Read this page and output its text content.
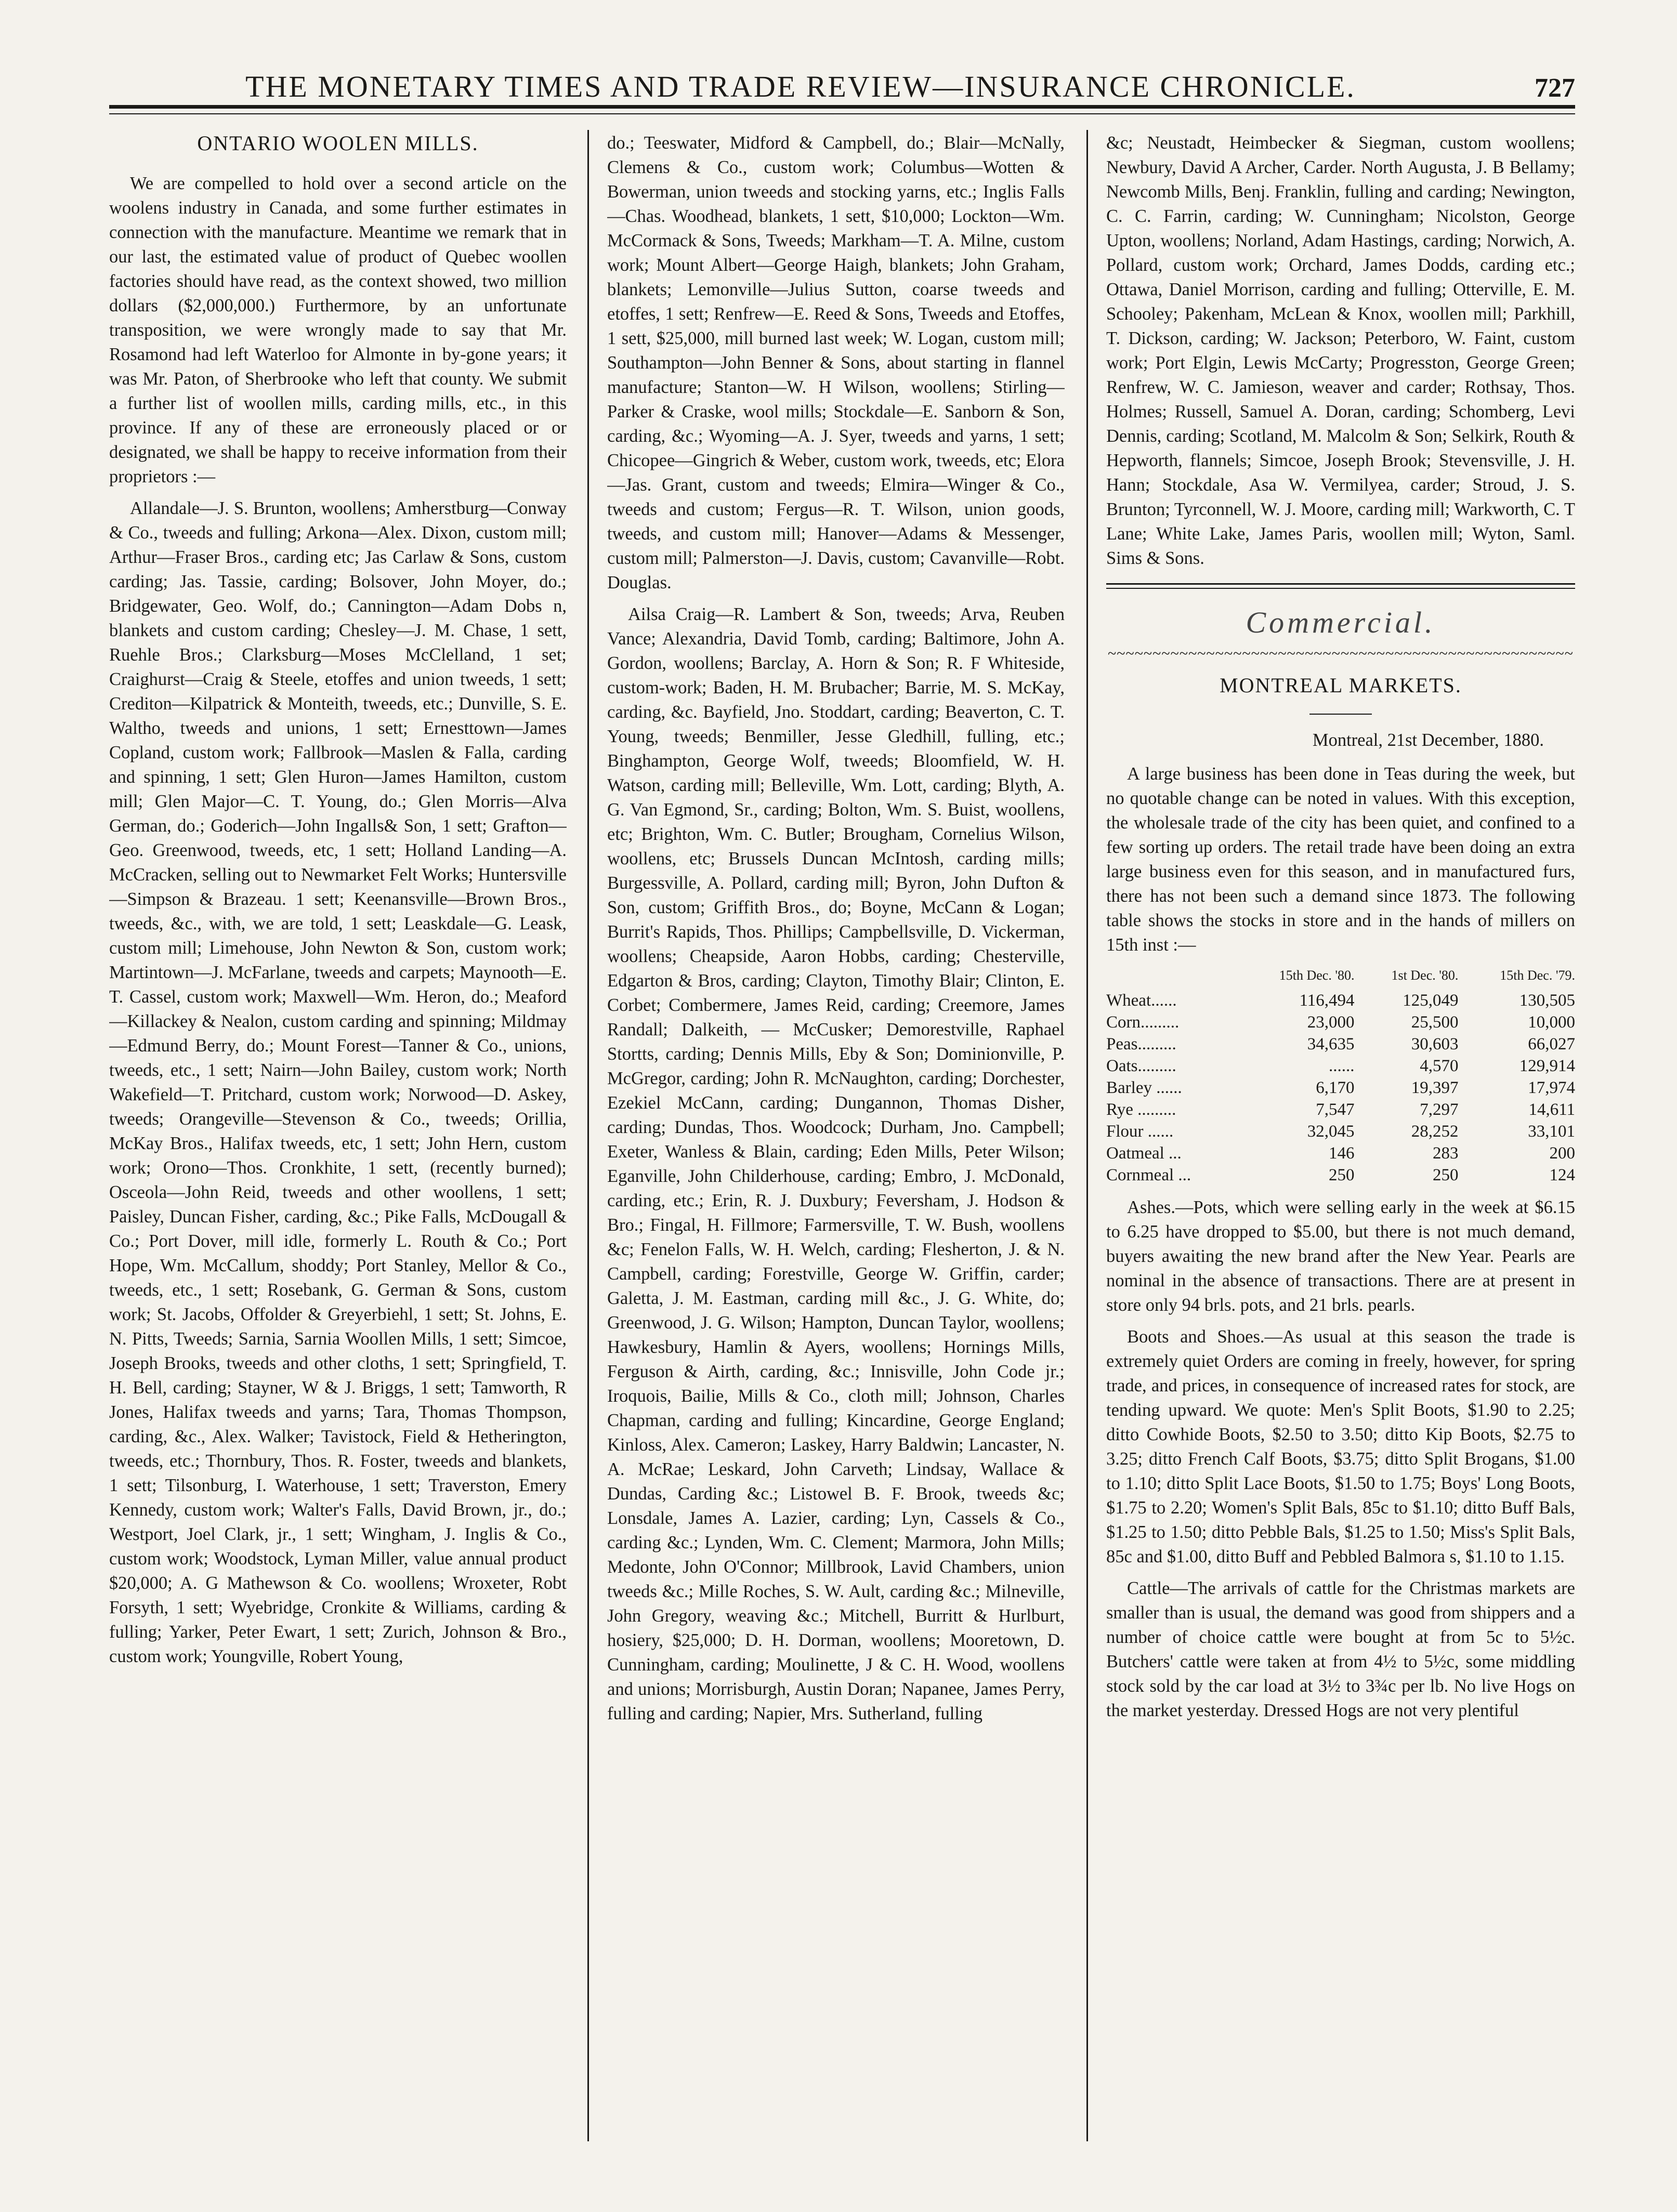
THE MONETARY TIMES AND TRADE REVIEW—INSURANCE CHRONICLE.	727
ONTARIO WOOLEN MILLS.

We are compelled to hold over a second article on the woolens industry in Canada, and some further estimates in connection with the manufacture. Meantime we remark that in our last, the estimated value of product of Quebec woollen factories should have read, as the context showed, two million dollars ($2,000,000.) Furthermore, by an unfortunate transposition, we were wrongly made to say that Mr. Rosamond had left Waterloo for Almonte in by-gone years; it was Mr. Paton, of Sherbrooke who left that county. We submit a further list of woollen mills, carding mills, etc., in this province. If any of these are erroneously placed or or designated, we shall be happy to receive information from their proprietors :—

Allandale—J. S. Brunton, woollens; Amherstburg—Conway & Co., tweeds and fulling; Arkona—Alex. Dixon, custom mill; Arthur—Fraser Bros., carding etc; Jas Carlaw & Sons, custom carding; Jas. Tassie, carding; Bolsover, John Moyer, do.; Bridgewater, Geo. Wolf, do.; Cannington—Adam Dobs n, blankets and custom carding; Chesley—J. M. Chase, 1 sett, Ruehle Bros.; Clarksburg—Moses McClelland, 1 set; Craighurst—Craig & Steele, etoffes and union tweeds, 1 sett; Crediton—Kilpatrick & Monteith, tweeds, etc.; Dunville, S. E. Waltho, tweeds and unions, 1 sett; Ernesttown—James Copland, custom work; Fallbrook—Maslen & Falla, carding and spinning, 1 sett; Glen Huron—James Hamilton, custom mill; Glen Major—C. T. Young, do.; Glen Morris—Alva German, do.; Goderich—John Ingalls& Son, 1 sett; Grafton—Geo. Greenwood, tweeds, etc, 1 sett; Holland Landing—A. McCracken, selling out to Newmarket Felt Works; Huntersville—Simpson & Brazeau. 1 sett; Keenansville—Brown Bros., tweeds, &c., with, we are told, 1 sett; Leaskdale—G. Leask, custom mill; Limehouse, John Newton & Son, custom work; Martintown—J. McFarlane, tweeds and carpets; Maynooth—E. T. Cassel, custom work; Maxwell—Wm. Heron, do.; Meaford—Killackey & Nealon, custom carding and spinning; Mildmay—Edmund Berry, do.; Mount Forest—Tanner & Co., unions, tweeds, etc., 1 sett; Nairn—John Bailey, custom work; North Wakefield—T. Pritchard, custom work; Norwood—D. Askey, tweeds; Orangeville—Stevenson & Co., tweeds; Orillia, McKay Bros., Halifax tweeds, etc, 1 sett; John Hern, custom work; Orono—Thos. Cronkhite, 1 sett, (recently burned); Osceola—John Reid, tweeds and other woollens, 1 sett; Paisley, Duncan Fisher, carding, &c.; Pike Falls, McDougall & Co.; Port Dover, mill idle, formerly L. Routh & Co.; Port Hope, Wm. McCallum, shoddy; Port Stanley, Mellor & Co., tweeds, etc., 1 sett; Rosebank, G. German & Sons, custom work; St. Jacobs, Offolder & Greyerbiehl, 1 sett; St. Johns, E. N. Pitts, Tweeds; Sarnia, Sarnia Woollen Mills, 1 sett; Simcoe, Joseph Brooks, tweeds and other cloths, 1 sett; Springfield, T. H. Bell, carding; Stayner, W & J. Briggs, 1 sett; Tamworth, R Jones, Halifax tweeds and yarns; Tara, Thomas Thompson, carding, &c., Alex. Walker; Tavistock, Field & Hetherington, tweeds, etc.; Thornbury, Thos. R. Foster, tweeds and blankets, 1 sett; Tilsonburg, I. Waterhouse, 1 sett; Traverston, Emery Kennedy, custom work; Walter's Falls, David Brown, jr., do.; Westport, Joel Clark, jr., 1 sett; Wingham, J. Inglis & Co., custom work; Woodstock, Lyman Miller, value annual product $20,000; A. G Mathewson & Co. woollens; Wroxeter, Robt Forsyth, 1 sett; Wyebridge, Cronkite & Williams, carding & fulling; Yarker, Peter Ewart, 1 sett; Zurich, Johnson & Bro., custom work; Youngville, Robert Young,

do.; Teeswater, Midford & Campbell, do.; Blair—McNally, Clemens & Co., custom work; Columbus—Wotten & Bowerman, union tweeds and stocking yarns, etc.; Inglis Falls—Chas. Woodhead, blankets, 1 sett, $10,000; Lockton—Wm. McCormack & Sons, Tweeds; Markham—T. A. Milne, custom work; Mount Albert—George Haigh, blankets; John Graham, blankets; Lemonville—Julius Sutton, coarse tweeds and etoffes, 1 sett; Renfrew—E. Reed & Sons, Tweeds and Etoffes, 1 sett, $25,000, mill burned last week; W. Logan, custom mill; Southampton—John Benner & Sons, about starting in flannel manufacture; Stanton—W. H Wilson, woollens; Stirling—Parker & Craske, wool mills; Stockdale—E. Sanborn & Son, carding, &c.; Wyoming—A. J. Syer, tweeds and yarns, 1 sett; Chicopee—Gingrich & Weber, custom work, tweeds, etc; Elora—Jas. Grant, custom and tweeds; Elmira—Winger & Co., tweeds and custom; Fergus—R. T. Wilson, union goods, tweeds, and custom mill; Hanover—Adams & Messenger, custom mill; Palmerston—J. Davis, custom; Cavanville—Robt. Douglas.

Ailsa Craig—R. Lambert & Son, tweeds; Arva, Reuben Vance; Alexandria, David Tomb, carding; Baltimore, John A. Gordon, woollens; Barclay, A. Horn & Son; R. F Whiteside, custom-work; Baden, H. M. Brubacher; Barrie, M. S. McKay, carding, &c. Bayfield, Jno. Stoddart, carding; Beaverton, C. T. Young, tweeds; Benmiller, Jesse Gledhill, fulling, etc.; Binghampton, George Wolf, tweeds; Bloomfield, W. H. Watson, carding mill; Belleville, Wm. Lott, carding; Blyth, A. G. Van Egmond, Sr., carding; Bolton, Wm. S. Buist, woollens, etc; Brighton, Wm. C. Butler; Brougham, Cornelius Wilson, woollens, etc; Brussels Duncan McIntosh, carding mills; Burgessville, A. Pollard, carding mill; Byron, John Dufton & Son, custom; Griffith Bros., do; Boyne, McCann & Logan; Burrit's Rapids, Thos. Phillips; Campbellsville, D. Vickerman, woollens; Cheapside, Aaron Hobbs, carding; Chesterville, Edgarton & Bros, carding; Clayton, Timothy Blair; Clinton, E. Corbet; Combermere, James Reid, carding; Creemore, James Randall; Dalkeith, — McCusker; Demorestville, Raphael Stortts, carding; Dennis Mills, Eby & Son; Dominionville, P. McGregor, carding; John R. McNaughton, carding; Dorchester, Ezekiel McCann, carding; Dungannon, Thomas Disher, carding; Dundas, Thos. Woodcock; Durham, Jno. Campbell; Exeter, Wanless & Blain, carding; Eden Mills, Peter Wilson; Eganville, John Childerhouse, carding; Embro, J. McDonald, carding, etc.; Erin, R. J. Duxbury; Feversham, J. Hodson & Bro.; Fingal, H. Fillmore; Farmersville, T. W. Bush, woollens &c; Fenelon Falls, W. H. Welch, carding; Flesherton, J. & N. Campbell, carding; Forestville, George W. Griffin, carder; Galetta, J. M. Eastman, carding mill &c., J. G. White, do; Greenwood, J. G. Wilson; Hampton, Duncan Taylor, woollens; Hawkesbury, Hamlin & Ayers, woollens; Hornings Mills, Ferguson & Airth, carding, &c.; Innisville, John Code jr.; Iroquois, Bailie, Mills & Co., cloth mill; Johnson, Charles Chapman, carding and fulling; Kincardine, George England; Kinloss, Alex. Cameron; Laskey, Harry Baldwin; Lancaster, N. A. McRae; Leskard, John Carveth; Lindsay, Wallace & Dundas, Carding &c.; Listowel B. F. Brook, tweeds &c; Lonsdale, James A. Lazier, carding; Lyn, Cassels & Co., carding &c.; Lynden, Wm. C. Clement; Marmora, John Mills; Medonte, John O'Connor; Millbrook, Lavid Chambers, union tweeds &c.; Mille Roches, S. W. Ault, carding &c.; Milneville, John Gregory, weaving &c.; Mitchell, Burritt & Hurlburt, hosiery, $25,000; D. H. Dorman, woollens; Mooretown, D. Cunningham, carding; Moulinette, J & C. H. Wood, woollens and unions; Morrisburgh, Austin Doran; Napanee, James Perry, fulling and carding; Napier, Mrs. Sutherland, fulling

&c; Neustadt, Heimbecker & Siegman, custom woollens; Newbury, David A Archer, Carder. North Augusta, J. B Bellamy; Newcomb Mills, Benj. Franklin, fulling and carding; Newington, C. C. Farrin, carding; W. Cunningham; Nicolston, George Upton, woollens; Norland, Adam Hastings, carding; Norwich, A. Pollard, custom work; Orchard, James Dodds, carding etc.; Ottawa, Daniel Morrison, carding and fulling; Otterville, E. M. Schooley; Pakenham, McLean & Knox, woollen mill; Parkhill, T. Dickson, carding; W. Jackson; Peterboro, W. Faint, custom work; Port Elgin, Lewis McCarty; Progresston, George Green; Renfrew, W. C. Jamieson, weaver and carder; Rothsay, Thos. Holmes; Russell, Samuel A. Doran, carding; Schomberg, Levi Dennis, carding; Scotland, M. Malcolm & Son; Selkirk, Routh & Hepworth, flannels; Simcoe, Joseph Brook; Stevensville, J. H. Hann; Stockdale, Asa W. Vermilyea, carder; Stroud, J. S. Brunton; Tyrconnell, W. J. Moore, carding mill; Warkworth, C. T Lane; White Lake, James Paris, woollen mill; Wyton, Saml. Sims & Sons.

Commercial.
~~~~~~~~~~~~~~~~~~~~~~~~~~~~~~~~~~~~~~~~~~~~~~~~~~~~
MONTREAL MARKETS.
Montreal, 21st December, 1880.

A large business has been done in Teas during the week, but no quotable change can be noted in values. With this exception, the wholesale trade of the city has been quiet, and confined to a few sorting up orders. The retail trade have been doing an extra large business even for this season, and in manufactured furs, there has not been such a demand since 1873. The following table shows the stocks in store and in the hands of millers on 15th inst :—

	15th Dec. '80.	1st Dec. '80.	15th Dec. '79.
Wheat......	116,494	125,049	130,505
Corn.........	23,000	25,500	10,000
Peas.........	34,635	30,603	66,027
Oats.........	......	4,570	129,914
Barley ......	6,170	19,397	17,974
Rye .........	7,547	7,297	14,611
Flour ......	32,045	28,252	33,101
Oatmeal ...	146	283	200
Cornmeal ...	250	250	124

Ashes.—Pots, which were selling early in the week at $6.15 to 6.25 have dropped to $5.00, but there is not much demand, buyers awaiting the new brand after the New Year. Pearls are nominal in the absence of transactions. There are at present in store only 94 brls. pots, and 21 brls. pearls.

Boots and Shoes.—As usual at this season the trade is extremely quiet Orders are coming in freely, however, for spring trade, and prices, in consequence of increased rates for stock, are tending upward. We quote: Men's Split Boots, $1.90 to 2.25; ditto Cowhide Boots, $2.50 to 3.50; ditto Kip Boots, $2.75 to 3.25; ditto French Calf Boots, $3.75; ditto Split Brogans, $1.00 to 1.10; ditto Split Lace Boots, $1.50 to 1.75; Boys' Long Boots, $1.75 to 2.20; Women's Split Bals, 85c to $1.10; ditto Buff Bals, $1.25 to 1.50; ditto Pebble Bals, $1.25 to 1.50; Miss's Split Bals, 85c and $1.00, ditto Buff and Pebbled Balmora s, $1.10 to 1.15.

Cattle—The arrivals of cattle for the Christmas markets are smaller than is usual, the demand was good from shippers and a number of choice cattle were bought at from 5c to 5½c. Butchers' cattle were taken at from 4½ to 5½c, some middling stock sold by the car load at 3½ to 3¾c per lb. No live Hogs on the market yesterday. Dressed Hogs are not very plentiful
